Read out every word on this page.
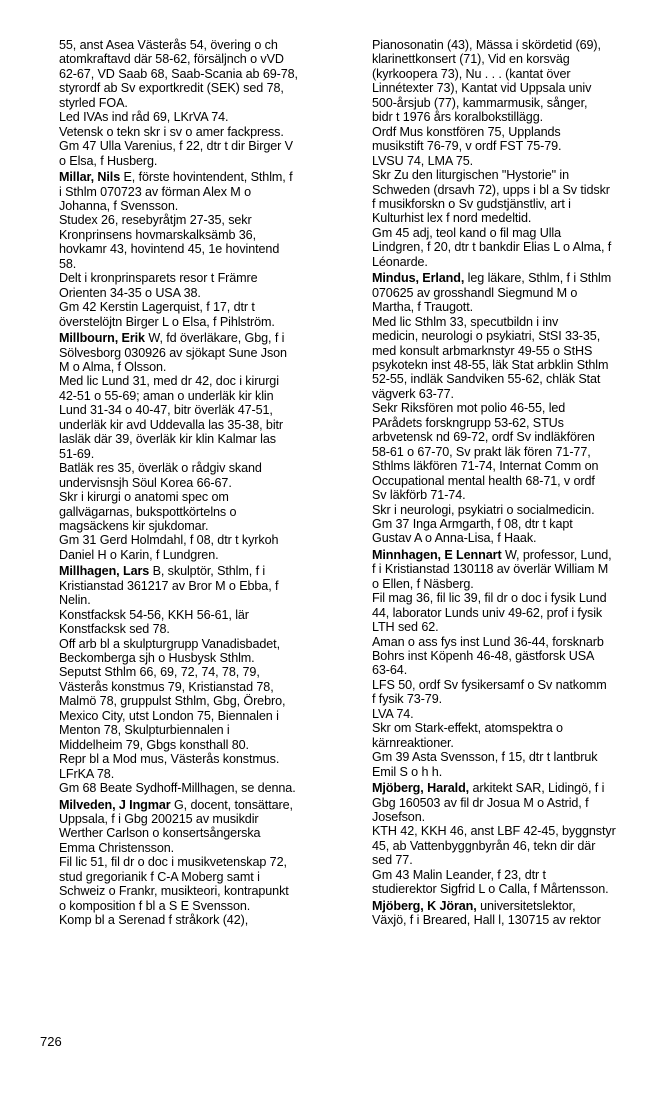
55, anst Asea Västerås 54, övering o ch
atomkraftavd där 58-62, försäljnch o vVD
62-67, VD Saab 68, Saab-Scania ab 69-78,
styrordf ab Sv exportkredit (SEK) sed 78,
styrled FOA.
Led IVAs ind råd 69, LKrVA 74.
Vetensk o tekn skr i sv o amer fackpress.
Gm 47 Ulla Varenius, f 22, dtr t dir Birger V
o Elsa, f Husberg.
Millar, Nils E, förste hovintendent, Sthlm, f
i Sthlm 070723 av förman Alex M o
Johanna, f Svensson.
Studex 26, resebyråtjm 27-35, sekr
Kronprinsens hovmarskalksämb 36,
hovkamr 43, hovintend 45, 1e hovintend
58.
Delt i kronprinsparets resor t Främre
Orienten 34-35 o USA 38.
Gm 42 Kerstin Lagerquist, f 17, dtr t
överstelöjtn Birger L o Elsa, f Pihlström.
Millbourn, Erik W, fd överläkare, Gbg, f i
Sölvesborg 030926 av sjökapt Sune Json
M o Alma, f Olsson.
Med lic Lund 31, med dr 42, doc i kirurgi
42-51 o 55-69; aman o underläk kir klin
Lund 31-34 o 40-47, bitr överläk 47-51,
underläk kir avd Uddevalla las 35-38, bitr
lasläk där 39, överläk kir klin Kalmar las
51-69.
Batläk res 35, överläk o rådgiv skand
undervisnsjh Söul Korea 66-67.
Skr i kirurgi o anatomi spec om
gallvägarnas, bukspottkörtelns o
magsäckens kir sjukdomar.
Gm 31 Gerd Holmdahl, f 08, dtr t kyrkoh
Daniel H o Karin, f Lundgren.
Millhagen, Lars B, skulptör, Sthlm, f i
Kristianstad 361217 av Bror M o Ebba, f
Nelin.
Konstfacksk 54-56, KKH 56-61, lär
Konstfacksk sed 78.
Off arb bl a skulpturgrupp Vanadisbadet,
Beckomberga sjh o Husbysk Sthlm.
Seputst Sthlm 66, 69, 72, 74, 78, 79,
Västerås konstmus 79, Kristianstad 78,
Malmö 78, gruppulst Sthlm, Gbg, Örebro,
Mexico City, utst London 75, Biennalen i
Menton 78, Skulpturbiennalen i
Middelheim 79, Gbgs konsthall 80.
Repr bl a Mod mus, Västerås konstmus.
LFrKA 78.
Gm 68 Beate Sydhoff-Millhagen, se denna.
Milveden, J Ingmar G, docent, tonsättare,
Uppsala, f i Gbg 200215 av musikdir
Werther Carlson o konsertsångerska
Emma Christensson.
Fil lic 51, fil dr o doc i musikvetenskap 72,
stud gregorianik f C-A Moberg samt i
Schweiz o Frankr, musikteori, kontrapunkt
o komposition f bl a S E Svensson.
Komp bl a Serenad f stråkork (42),
Pianosonatin (43), Mässa i skördetid (69),
klarinettkonsert (71), Vid en korsväg
(kyrkoopera 73), Nu . . . (kantat över
Linnétexter 73), Kantat vid Uppsala univ
500-årsjub (77), kammarmusik, sånger,
bidr t 1976 års koralbokstillägg.
Ordf Mus konstfören 75, Upplands
musikstift 76-79, v ordf FST 75-79.
LVSU 74, LMA 75.
Skr Zu den liturgischen "Hystorie" in
Schweden (drsavh 72), upps i bl a Sv tidskr
f musikforskn o Sv gudstjänstliv, art i
Kulturhist lex f nord medeltid.
Gm 45 adj, teol kand o fil mag Ulla
Lindgren, f 20, dtr t bankdir Elias L o Alma, f
Léonarde.
Mindus, Erland, leg läkare, Sthlm, f i Sthlm
070625 av grosshandl Siegmund M o
Martha, f Traugott.
Med lic Sthlm 33, specutbildn i inv
medicin, neurologi o psykiatri, StSI 33-35,
med konsult arbmarknstyr 49-55 o StHS
psykotekn inst 48-55, läk Stat arbklin Sthlm
52-55, indläk Sandviken 55-62, chläk Stat
vägverk 63-77.
Sekr Riksfören mot polio 46-55, led
PArådets forskngrupp 53-62, STUs
arbvetensk nd 69-72, ordf Sv indläkfören
58-61 o 67-70, Sv prakt läk fören 71-77,
Sthlms läkfören 71-74, Internat Comm on
Occupational mental health 68-71, v ordf
Sv läkförb 71-74.
Skr i neurologi, psykiatri o socialmedicin.
Gm 37 Inga Armgarth, f 08, dtr t kapt
Gustav A o Anna-Lisa, f Haak.
Minnhagen, E Lennart W, professor, Lund,
f i Kristianstad 130118 av överlär William M
o Ellen, f Näsberg.
Fil mag 36, fil lic 39, fil dr o doc i fysik Lund
44, laborator Lunds univ 49-62, prof i fysik
LTH sed 62.
Aman o ass fys inst Lund 36-44, forsknarb
Bohrs inst Köpenh 46-48, gästforsk USA
63-64.
LFS 50, ordf Sv fysikersamf o Sv natkomm
f fysik 73-79.
LVA 74.
Skr om Stark-effekt, atomspektra o
kärnreaktioner.
Gm 39 Asta Svensson, f 15, dtr t lantbruk
Emil S o h h.
Mjöberg, Harald, arkitekt SAR, Lidingö, f i
Gbg 160503 av fil dr Josua M o Astrid, f
Josefson.
KTH 42, KKH 46, anst LBF 42-45, byggnstyr
45, ab Vattenbyggnbyrån 46, tekn dir där
sed 77.
Gm 43 Malin Leander, f 23, dtr t
studierektor Sigfrid L o Calla, f Mårtensson.
Mjöberg, K Jöran, universitetslektor,
Växjö, f i Breared, Hall l, 130715 av rektor
726
